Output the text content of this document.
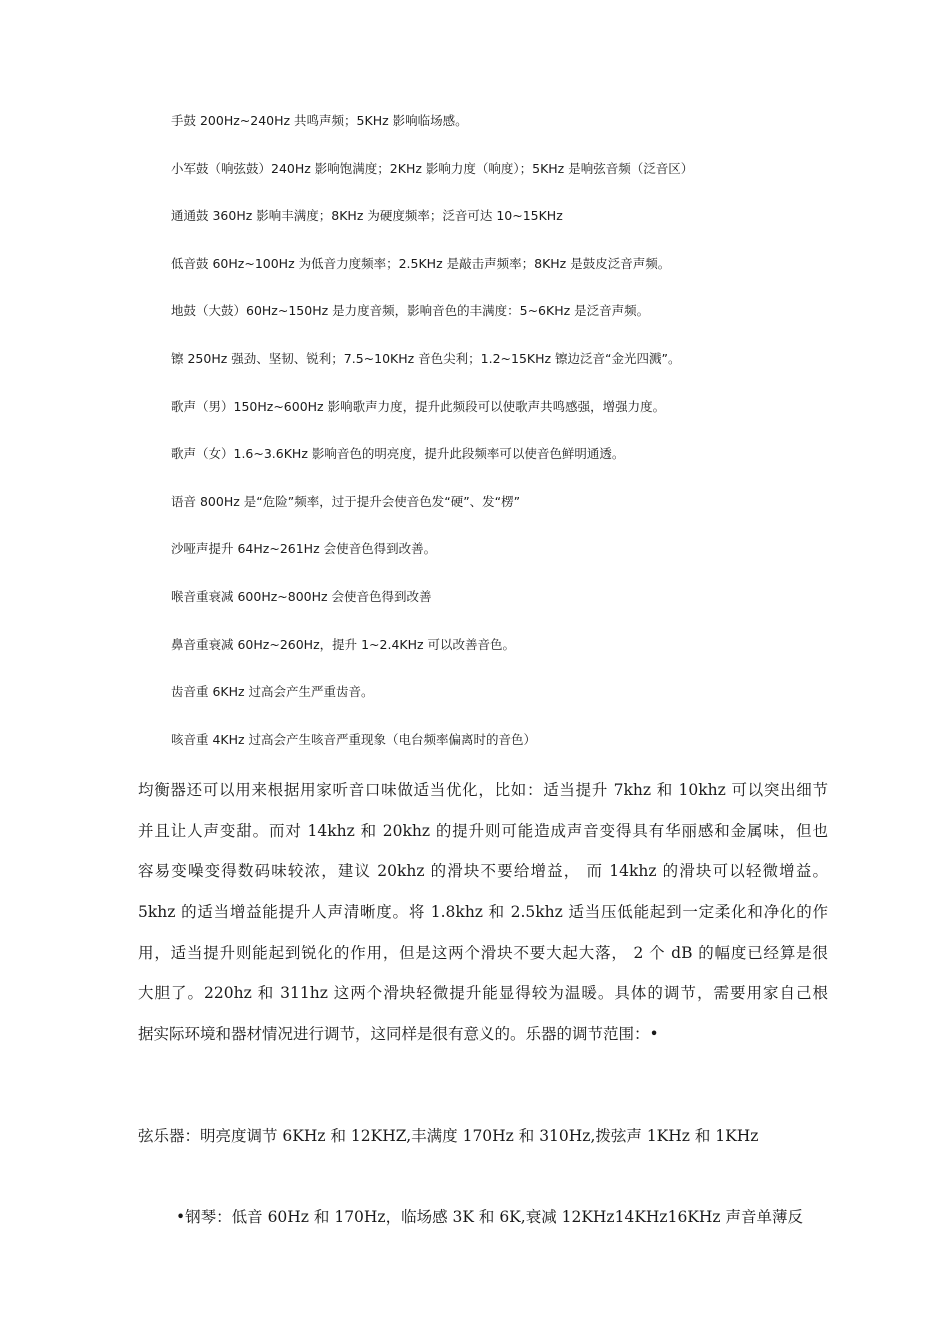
手鼓 200Hz~240Hz 共鸣声频；5KHz 影响临场感。
小军鼓（响弦鼓）240Hz 影响饱满度；2KHz 影响力度（响度）；5KHz 是响弦音频（泛音区）
通通鼓 360Hz 影响丰满度；8KHz 为硬度频率；泛音可达 10~15KHz
低音鼓 60Hz~100Hz 为低音力度频率；2.5KHz 是敲击声频率；8KHz 是鼓皮泛音声频。
地鼓（大鼓）60Hz~150Hz 是力度音频，影响音色的丰满度：5~6KHz 是泛音声频。
镲 250Hz 强劲、坚韧、锐利；7.5~10KHz 音色尖利；1.2~15KHz 镲边泛音“金光四溅”。
歌声（男）150Hz~600Hz 影响歌声力度，提升此频段可以使歌声共鸣感强，增强力度。
歌声（女）1.6~3.6KHz 影响音色的明亮度，提升此段频率可以使音色鲜明通透。
语音 800Hz 是“危险”频率，过于提升会使音色发“硬”、发“楞”
沙哑声提升 64Hz~261Hz 会使音色得到改善。
喉音重衰减 600Hz~800Hz 会使音色得到改善
鼻音重衰减 60Hz~260Hz，提升 1~2.4KHz 可以改善音色。
齿音重 6KHz 过高会产生严重齿音。
咳音重 4KHz 过高会产生咳音严重现象（电台频率偏离时的音色）
均衡器还可以用来根据用家听音口味做适当优化，比如：适当提升 7khz 和 10khz 可以突出细节
并且让人声变甜。而对 14khz 和 20khz 的提升则可能造成声音变得具有华丽感和金属味，但也
容易变噪变得数码味较浓，建议 20khz 的滑块不要给增益， 而 14khz 的滑块可以轻微增益。
5khz 的适当增益能提升人声清晰度。将 1.8khz 和 2.5khz 适当压低能起到一定柔化和净化的作
用，适当提升则能起到锐化的作用，但是这两个滑块不要大起大落， 2 个 dB 的幅度已经算是很
大胆了。220hz 和 311hz 这两个滑块轻微提升能显得较为温暖。具体的调节，需要用家自己根
据实际环境和器材情况进行调节，这同样是很有意义的。乐器的调节范围：•
弦乐器：明亮度调节 6KHz 和 12KHZ,丰满度 170Hz 和 310Hz,拨弦声 1KHz 和 1KHz
•钢琴：低音 60Hz 和 170Hz，临场感 3K 和 6K,衰减 12KHz14KHz16KHz 声音单薄反
